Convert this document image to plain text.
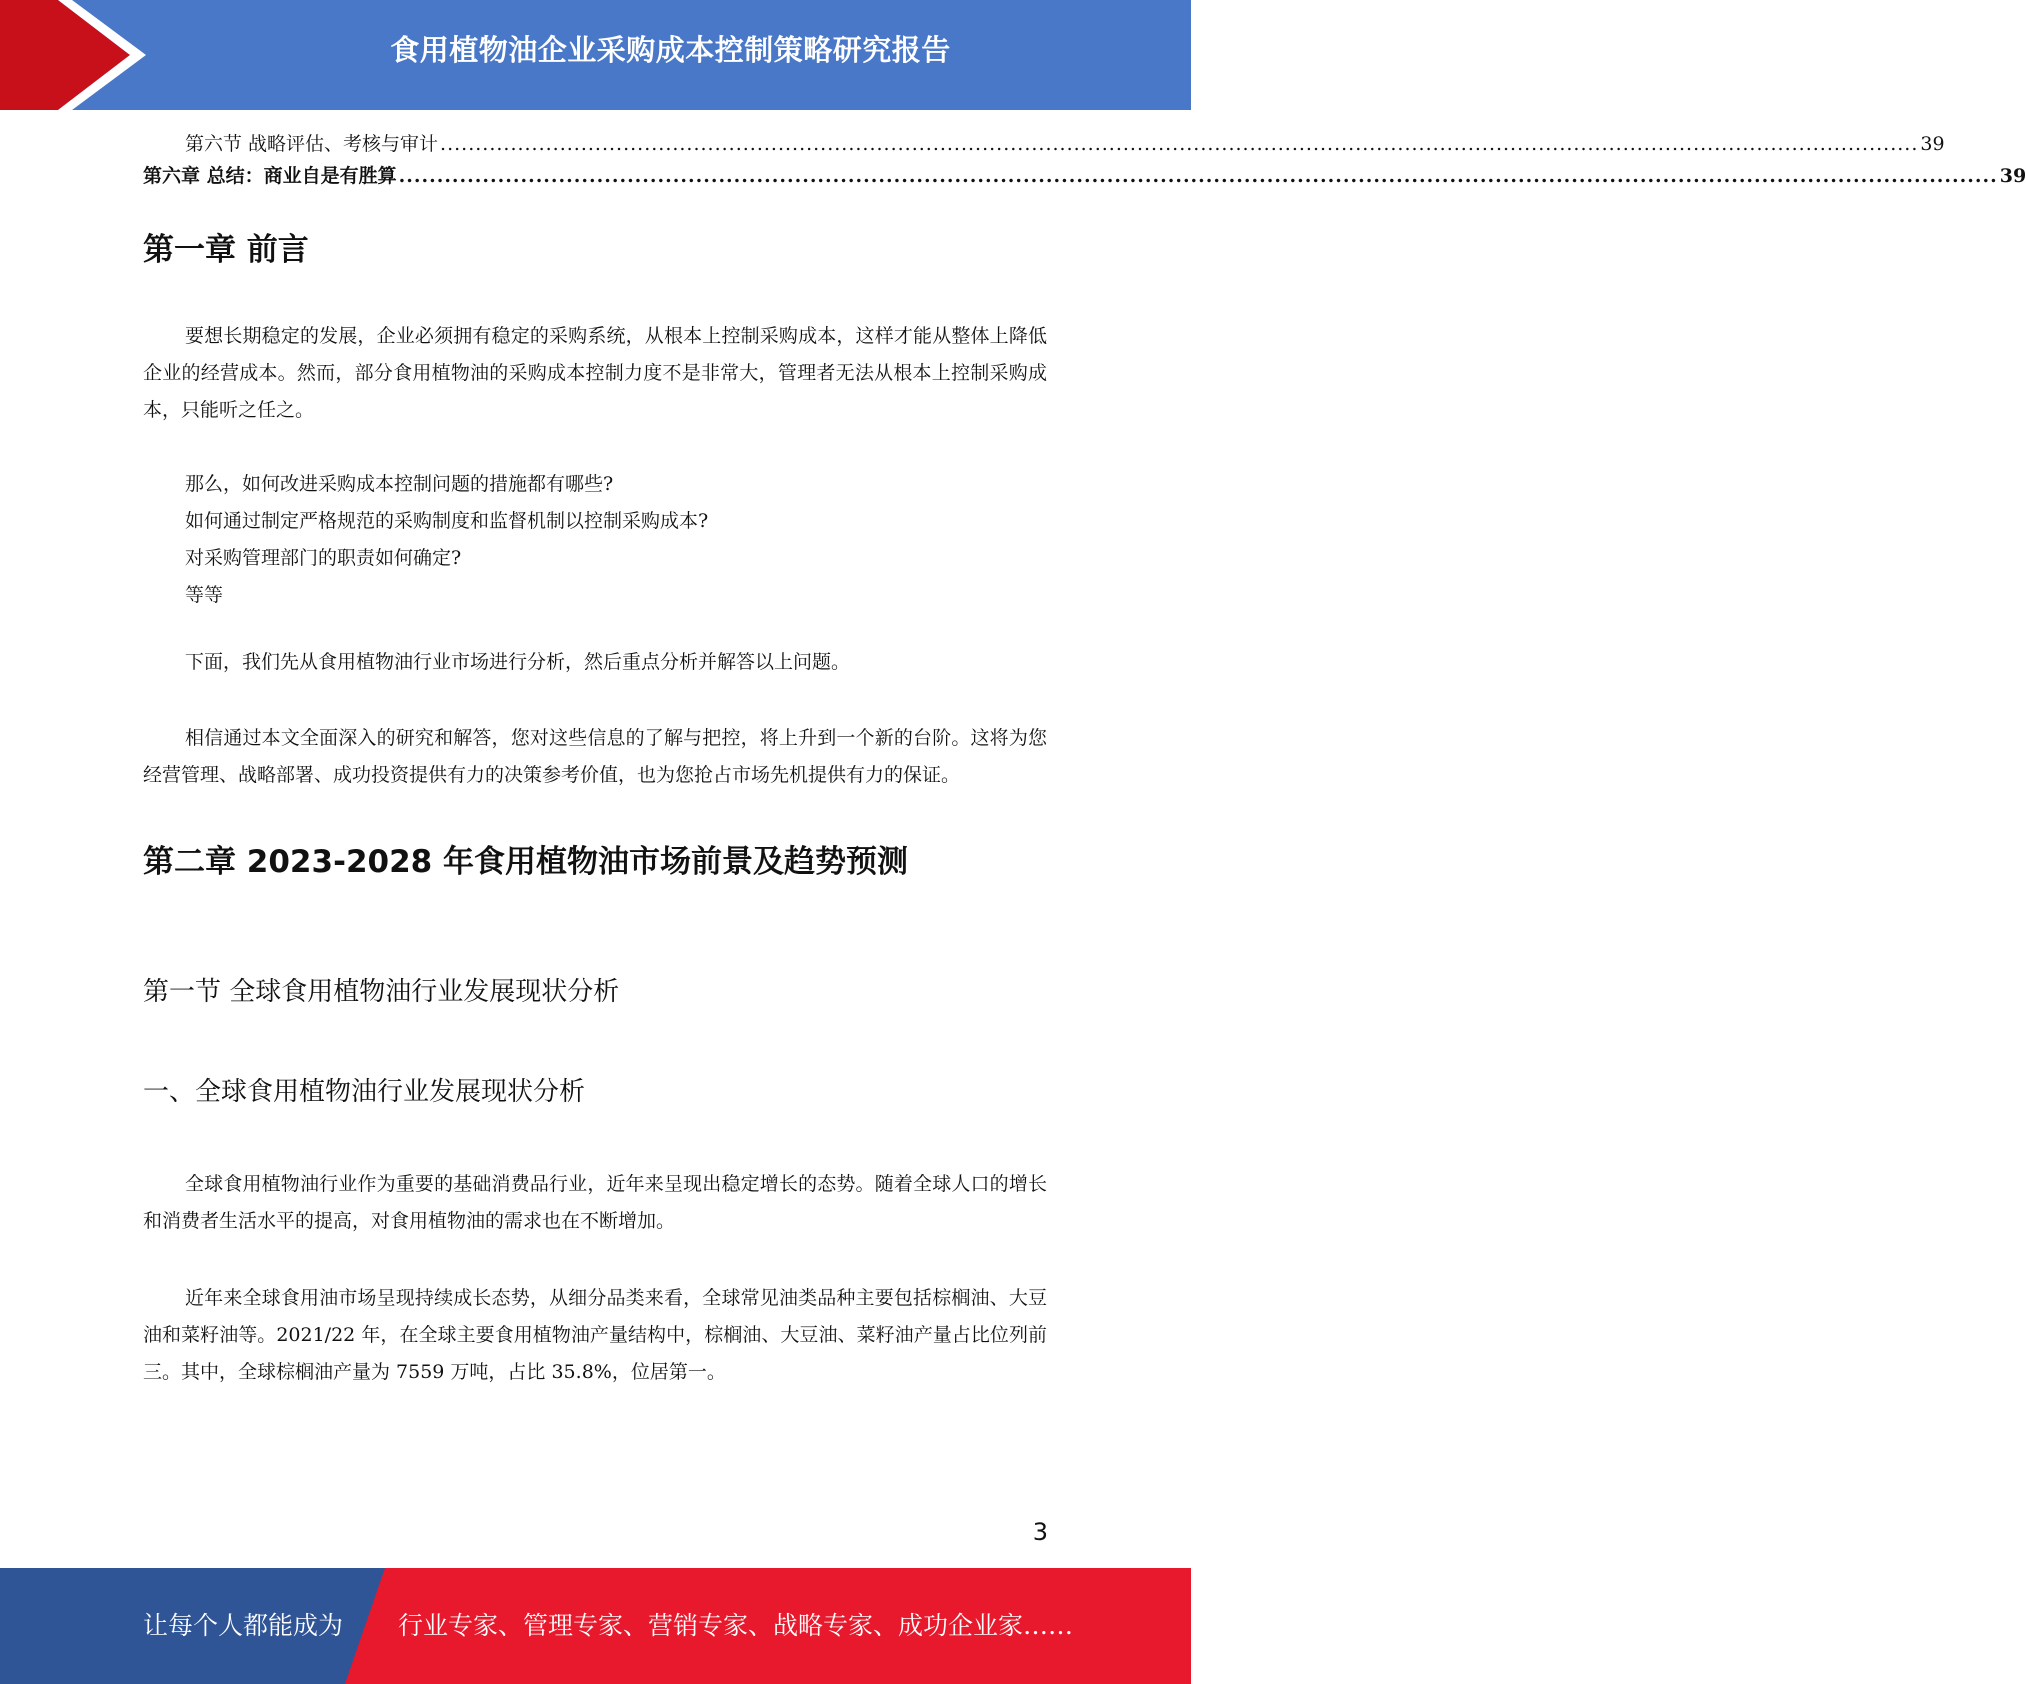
食用植物油企业采购成本控制策略研究报告
第六节 战略评估、考核与审计 .................................................................................................................................................................................................................. 39
第六章 总结：商业自是有胜算 .................................................................................................................................................................................................................. 39
第一章 前言

要想长期稳定的发展，企业必须拥有稳定的采购系统，从根本上控制采购成本，这样才能从整体上降低企业的经营成本。然而，部分食用植物油的采购成本控制力度不是非常大，管理者无法从根本上控制采购成本，只能听之任之。

那么，如何改进采购成本控制问题的措施都有哪些?

如何通过制定严格规范的采购制度和监督机制以控制采购成本?

对采购管理部门的职责如何确定?

等等

下面，我们先从食用植物油行业市场进行分析，然后重点分析并解答以上问题。

相信通过本文全面深入的研究和解答，您对这些信息的了解与把控，将上升到一个新的台阶。这将为您经营管理、战略部署、成功投资提供有力的决策参考价值，也为您抢占市场先机提供有力的保证。

第二章 2023-2028 年食用植物油市场前景及趋势预测
第一节 全球食用植物油行业发展现状分析
一、全球食用植物油行业发展现状分析

全球食用植物油行业作为重要的基础消费品行业，近年来呈现出稳定增长的态势。随着全球人口的增长和消费者生活水平的提高，对食用植物油的需求也在不断增加。

近年来全球食用油市场呈现持续成长态势，从细分品类来看，全球常见油类品种主要包括棕榈油、大豆油和菜籽油等。2021/22 年，在全球主要食用植物油产量结构中，棕榈油、大豆油、菜籽油产量占比位列前三。其中，全球棕榈油产量为 7559 万吨，占比 35.8%，位居第一。

3
让每个人都能成为 行业专家、管理专家、营销专家、战略专家、成功企业家……
